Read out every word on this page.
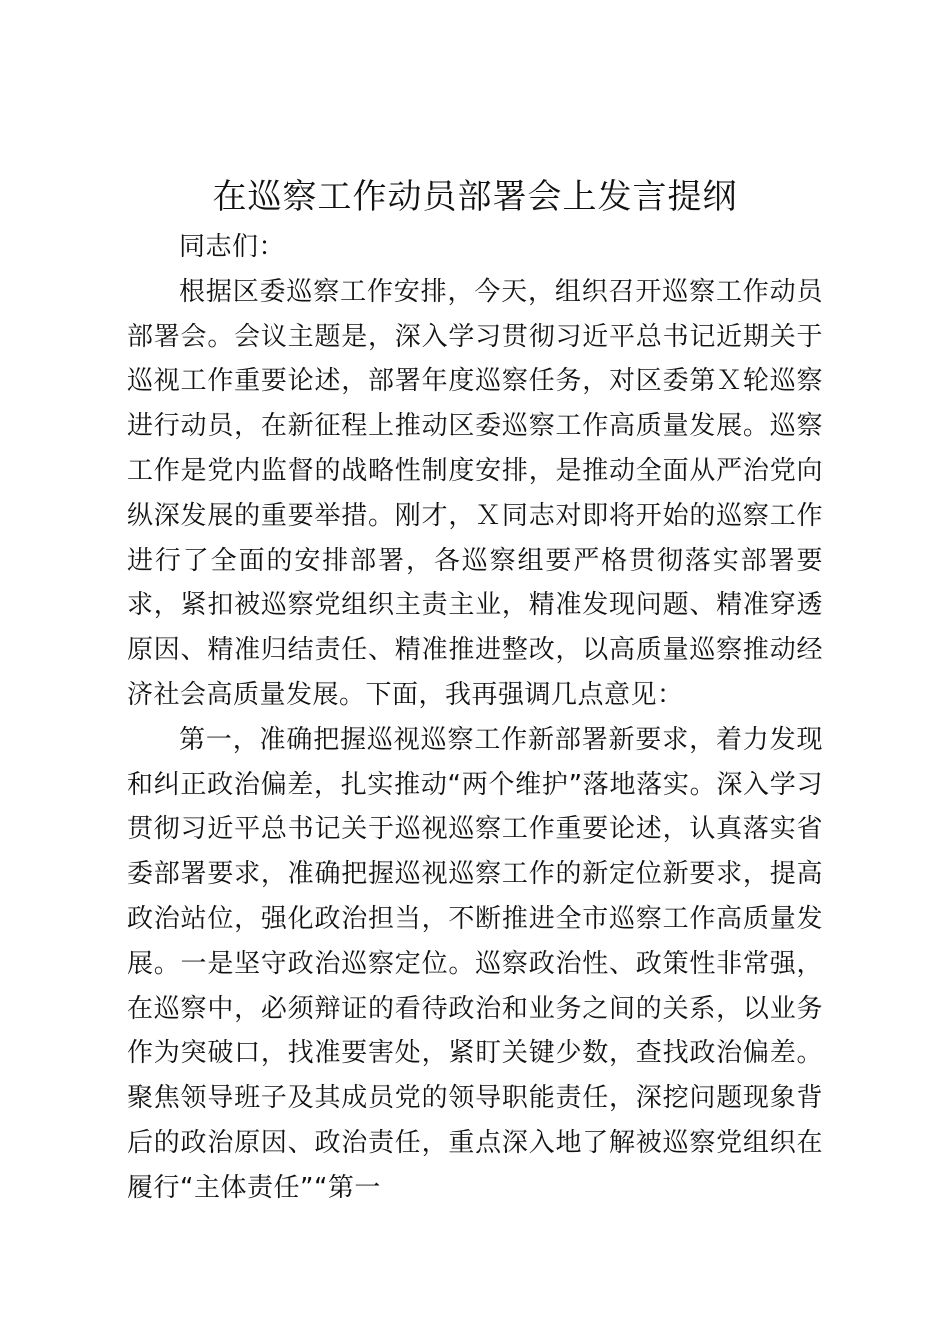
在巡察工作动员部署会上发言提纲

同志们：

根据区委巡察工作安排，今天，组织召开巡察工作动员部署会。会议主题是，深入学习贯彻习近平总书记近期关于巡视工作重要论述，部署年度巡察任务，对区委第Ｘ轮巡察进行动员，在新征程上推动区委巡察工作高质量发展。巡察工作是党内监督的战略性制度安排，是推动全面从严治党向纵深发展的重要举措。刚才，Ｘ同志对即将开始的巡察工作进行了全面的安排部署，各巡察组要严格贯彻落实部署要求，紧扣被巡察党组织主责主业，精准发现问题、精准穿透原因、精准归结责任、精准推进整改，以高质量巡察推动经济社会高质量发展。下面，我再强调几点意见：

第一，准确把握巡视巡察工作新部署新要求，着力发现和纠正政治偏差，扎实推动“两个维护”落地落实。深入学习贯彻习近平总书记关于巡视巡察工作重要论述，认真落实省委部署要求，准确把握巡视巡察工作的新定位新要求，提高政治站位，强化政治担当，不断推进全市巡察工作高质量发展。一是坚守政治巡察定位。巡察政治性、政策性非常强，在巡察中，必须辩证的看待政治和业务之间的关系，以业务作为突破口，找准要害处，紧盯关键少数，查找政治偏差。聚焦领导班子及其成员党的领导职能责任，深挖问题现象背后的政治原因、政治责任，重点深入地了解被巡察党组织在履行“主体责任”“第一
